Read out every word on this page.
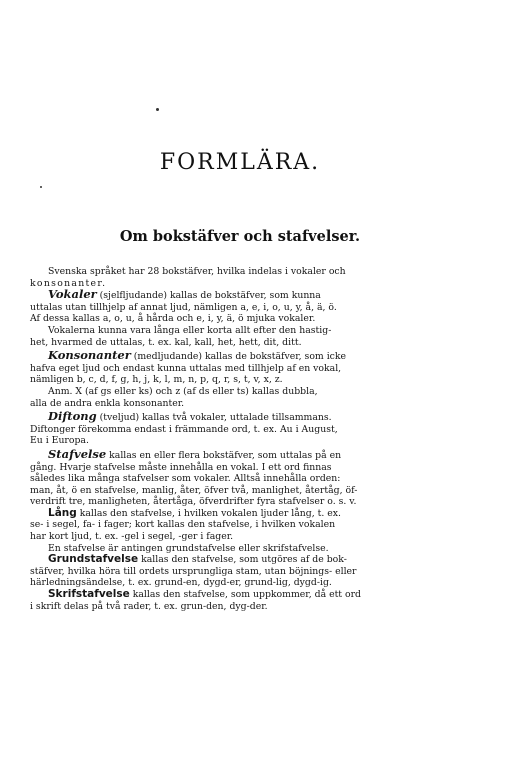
FORMLÄRA.
Om bokstäfver och stafvelser.
Svenska språket har 28 bokstäfver, hvilka indelas i vokaler och
konsonanter.
Vokaler (sjelfljudande) kallas de bokstäfver, som kunna
uttalas utan tillhjelp af annat ljud, nämligen a, e, i, o, u, y, å, ä, ö.
Af dessa kallas a, o, u, å hårda och e, i, y, ä, ö mjuka vokaler.
Vokalerna kunna vara långa eller korta allt efter den hastig-
het, hvarmed de uttalas, t. ex. kal, kall, het, hett, dit, ditt.
Konsonanter (medljudande) kallas de bokstäfver, som icke
hafva eget ljud och endast kunna uttalas med tillhjelp af en vokal,
nämligen b, c, d, f, g, h, j, k, l, m, n, p, q, r, s, t, v, x, z.
Anm. X (af gs eller ks) och z (af ds eller ts) kallas dubbla,
alla de andra enkla konsonanter.
Diftong (tveljud) kallas två vokaler, uttalade tillsammans.
Diftonger förekomma endast i främmande ord, t. ex. Au i August,
Eu i Europa.
Stafvelse kallas en eller flera bokstäfver, som uttalas på en
gång. Hvarje stafvelse måste innehålla en vokal. I ett ord finnas
således lika många stafvelser som vokaler. Alltså innehålla orden:
man, åt, ö en stafvelse, manlig, åter, öfver två, manlighet, återtåg, öf-
verdrift tre, manligheten, återtåga, öfverdrifter fyra stafvelser o. s. v.
Lång kallas den stafvelse, i hvilken vokalen ljuder lång, t. ex.
se- i segel, fa- i fager; kort kallas den stafvelse, i hvilken vokalen
har kort ljud, t. ex. -gel i segel, -ger i fager.
En stafvelse är antingen grundstafvelse eller skrifstafvelse.
Grundstafvelse kallas den stafvelse, som utgöres af de bok-
stäfver, hvilka höra till ordets ursprungliga stam, utan böjnings- eller
härledningsändelse, t. ex. grund-en, dygd-er, grund-lig, dygd-ig.
Skrifstafvelse kallas den stafvelse, som uppkommer, då ett ord
i skrift delas på två rader, t. ex. grun-den, dyg-der.
